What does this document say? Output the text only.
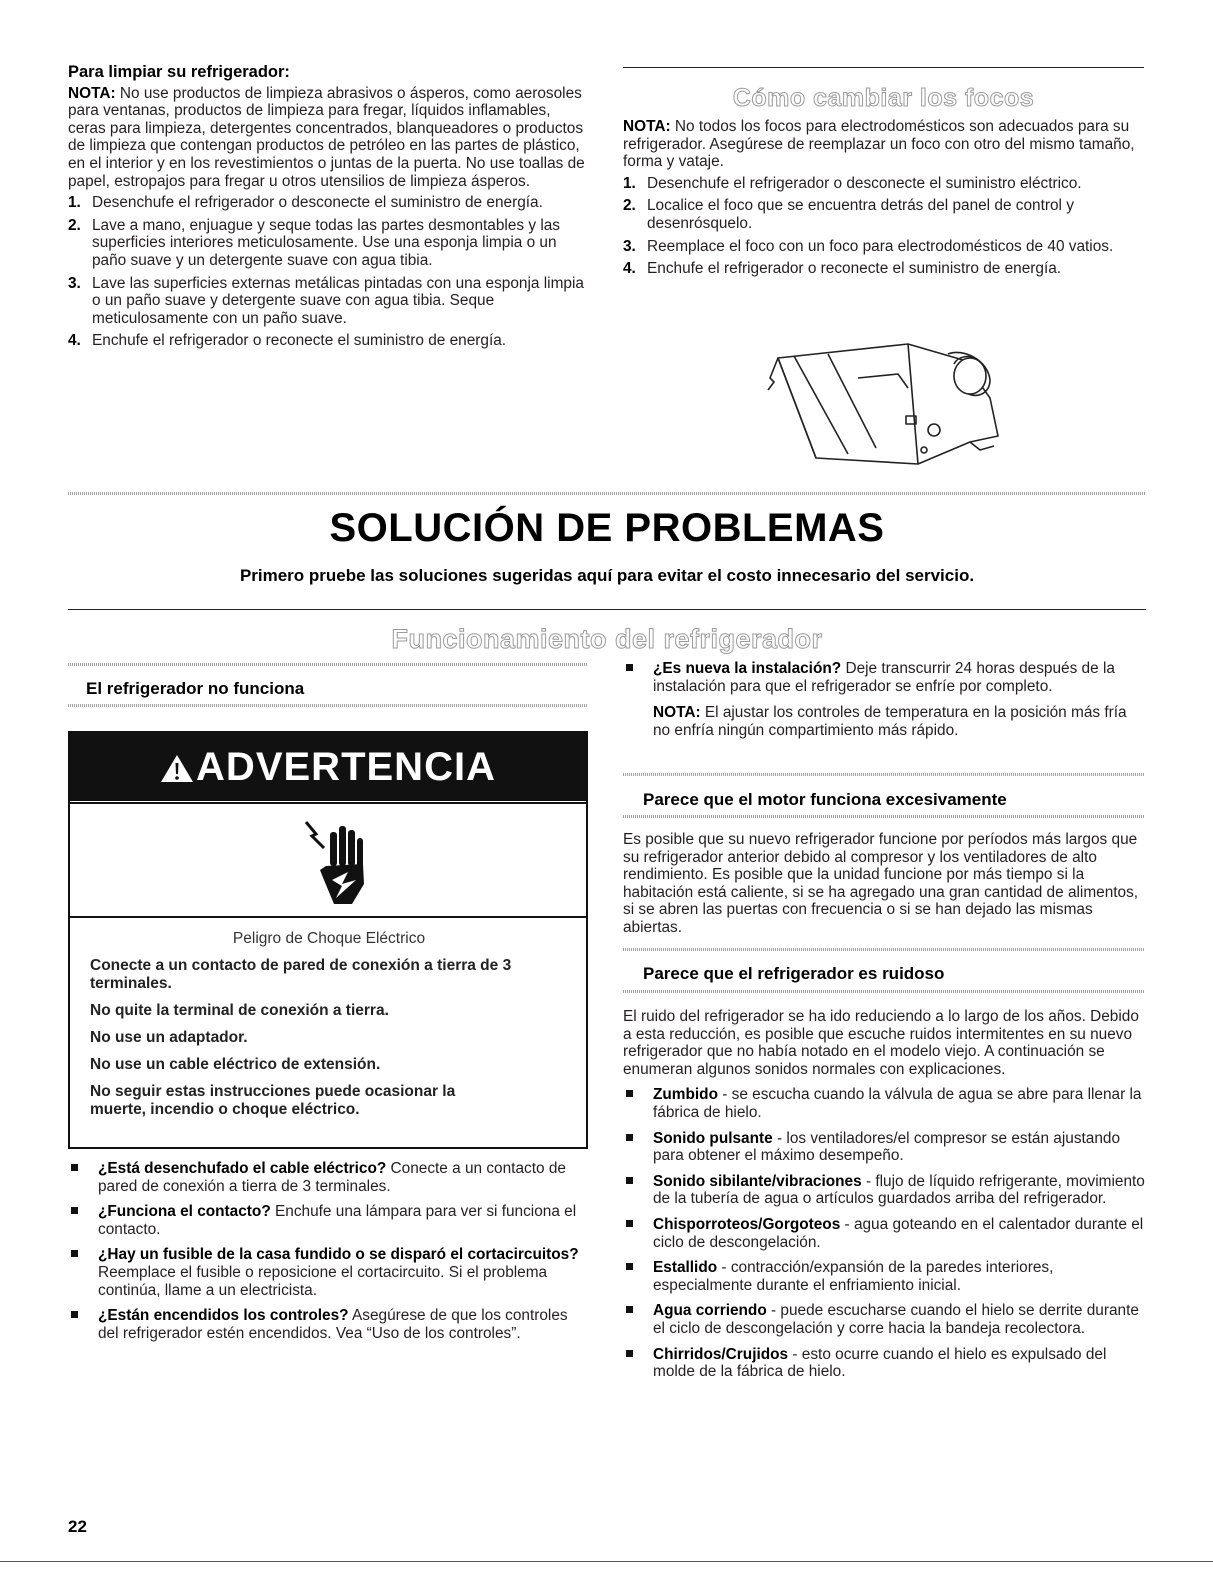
Para limpiar su refrigerador:

NOTA: No use productos de limpieza abrasivos o ásperos, como aerosoles para ventanas, productos de limpieza para fregar, líquidos inflamables, ceras para limpieza, detergentes concentrados, blanqueadores o productos de limpieza que contengan productos de petróleo en las partes de plástico, en el interior y en los revestimientos o juntas de la puerta. No use toallas de papel, estropajos para fregar u otros utensilios de limpieza ásperos.

1. Desenchufe el refrigerador o desconecte el suministro de energía.
2. Lave a mano, enjuague y seque todas las partes desmontables y las superficies interiores meticulosamente. Use una esponja limpia o un paño suave y un detergente suave con agua tibia.
3. Lave las superficies externas metálicas pintadas con una esponja limpia o un paño suave y detergente suave con agua tibia. Seque meticulosamente con un paño suave.
4. Enchufe el refrigerador o reconecte el suministro de energía.
Cómo cambiar los focos

NOTA: No todos los focos para electrodomésticos son adecuados para su refrigerador. Asegúrese de reemplazar un foco con otro del mismo tamaño, forma y vataje.

1. Desenchufe el refrigerador o desconecte el suministro eléctrico.
2. Localice el foco que se encuentra detrás del panel de control y desenrósquelo.
3. Reemplace el foco con un foco para electrodomésticos de 40 vatios.
4. Enchufe el refrigerador o reconecte el suministro de energía.
SOLUCIÓN DE PROBLEMAS
Primero pruebe las soluciones sugeridas aquí para evitar el costo innecesario del servicio.
Funcionamiento del refrigerador
El refrigerador no funciona
ADVERTENCIA
Peligro de Choque Eléctrico

Conecte a un contacto de pared de conexión a tierra de 3 terminales.

No quite la terminal de conexión a tierra.

No use un adaptador.

No use un cable eléctrico de extensión.

No seguir estas instrucciones puede ocasionar la muerte, incendio o choque eléctrico.

¿Está desenchufado el cable eléctrico? Conecte a un contacto de pared de conexión a tierra de 3 terminales.
¿Funciona el contacto? Enchufe una lámpara para ver si funciona el contacto.
¿Hay un fusible de la casa fundido o se disparó el cortacircuitos? Reemplace el fusible o reposicione el cortacircuito. Si el problema continúa, llame a un electricista.
¿Están encendidos los controles? Asegúrese de que los controles del refrigerador estén encendidos. Vea “Uso de los controles”.
¿Es nueva la instalación? Deje transcurrir 24 horas después de la instalación para que el refrigerador se enfríe por completo.
NOTA: El ajustar los controles de temperatura en la posición más fría no enfría ningún compartimiento más rápido.
Parece que el motor funciona excesivamente
Es posible que su nuevo refrigerador funcione por períodos más largos que su refrigerador anterior debido al compresor y los ventiladores de alto rendimiento. Es posible que la unidad funcione por más tiempo si la habitación está caliente, si se ha agregado una gran cantidad de alimentos, si se abren las puertas con frecuencia o si se han dejado las mismas abiertas.
Parece que el refrigerador es ruidoso

El ruido del refrigerador se ha ido reduciendo a lo largo de los años. Debido a esta reducción, es posible que escuche ruidos intermitentes en su nuevo refrigerador que no había notado en el modelo viejo. A continuación se enumeran algunos sonidos normales con explicaciones.

Zumbido - se escucha cuando la válvula de agua se abre para llenar la fábrica de hielo.
Sonido pulsante - los ventiladores/el compresor se están ajustando para obtener el máximo desempeño.
Sonido sibilante/vibraciones - flujo de líquido refrigerante, movimiento de la tubería de agua o artículos guardados arriba del refrigerador.
Chisporroteos/Gorgoteos - agua goteando en el calentador durante el ciclo de descongelación.
Estallido - contracción/expansión de la paredes interiores, especialmente durante el enfriamiento inicial.
Agua corriendo - puede escucharse cuando el hielo se derrite durante el ciclo de descongelación y corre hacia la bandeja recolectora.
Chirridos/Crujidos - esto ocurre cuando el hielo es expulsado del molde de la fábrica de hielo.
22
